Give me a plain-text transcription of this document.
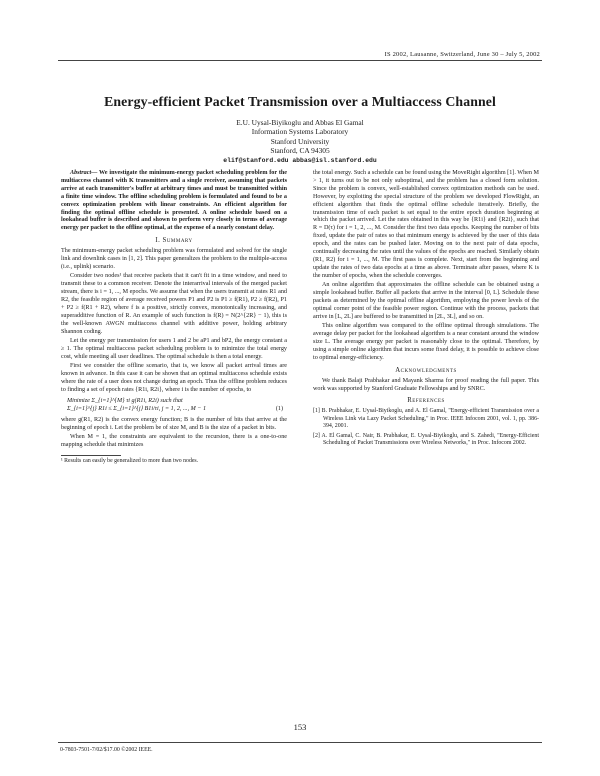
IS 2002, Lausanne, Switzerland, June 30 – July 5, 2002
Energy-efficient Packet Transmission over a Multiaccess Channel
E.U. Uysal-Biyikoglu and Abbas El Gamal
Information Systems Laboratory
Stanford University
Stanford, CA 94305
elif@stanford.edu abbas@isl.stanford.edu

Abstract— We investigate the minimum-energy packet scheduling problem for the multiaccess channel with K transmitters and a single receiver, assuming that packets arrive at each transmitter's buffer at arbitrary times and must be transmitted within a finite time window. The offline scheduling problem is formulated and found to be a convex optimization problem with linear constraints. An efficient algorithm for finding the optimal offline schedule is presented. A online schedule based on a lookahead buffer is described and shown to perform very closely in terms of average energy per packet to the offline optimal, at the expense of a nearly constant delay.

I. Summary

The minimum-energy packet scheduling problem was formulated and solved for the single link and downlink cases in [1, 2]. This paper generalizes the problem to the multiple-access (i.e., uplink) scenario.

Consider two nodes¹ that receive packets that it can't fit in a time window, and need to transmit these to a common receiver. Denote the interarrival intervals of the merged packet stream, there is i = 1, ..., M epochs. We assume that when the users transmit at rates R1 and R2, the feasible region of average received powers P1 and P2 is P1 ≥ f(R1), P2 ≥ f(R2), P1 + P2 ≥ f(R1 + R2), where f is a positive, strictly convex, monotonically increasing, and superadditive function of R. An example of such function is f(R) = N(2^{2R} − 1), this is the well-known AWGN multiaccess channel with additive power, holding arbitrary Shannon coding.

Let the energy per transmission for users 1 and 2 be aP1 and bP2, the energy constant a ≥ 1. The optimal multiaccess packet scheduling problem is to minimize the total energy cost, while meeting all user deadlines. The optimal schedule is then a total energy.

First we consider the offline scenario, that is, we know all packet arrival times are known in advance. In this case it can be shown that an optimal multiaccess schedule exists where the rate of a user does not change during an epoch. Thus the offline problem reduces to finding a set of epoch rates {R1i, R2i}, where i is the number of epochs, to

Minimize Σ_{i=1}^{M} τi g(R1i, R2i) such that
Σ_{i=1}^{j} R1i ≤ Σ_{i=1}^{j} B1i/τi, j = 1, 2, ..., M − 1	(1)

where g(R1, R2) is the convex energy function; B is the number of bits that arrive at the beginning of epoch i. Let the problem be of size M, and B is the size of a packet in bits.

When M = 1, the constraints are equivalent to the recursion, there is a one-to-one mapping schedule that minimizes

¹ Results can easily be generalized to more than two nodes.

the total energy. Such a schedule can be found using the MoveRight algorithm [1]. When M > 1, it turns out to be not only suboptimal, and the problem has a closed form solution. Since the problem is convex, well-established convex optimization methods can be used. However, by exploiting the special structure of the problem we developed FlowRight, an efficient algorithm that finds the optimal offline schedule iteratively. Briefly, the transmission time of each packet is set equal to the entire epoch duration beginning at which the packet arrived. Let the rates obtained in this way be {R1i} and {R2i}, such that R = D(τ) for i = 1, 2, ..., M. Consider the first two data epochs. Keeping the number of bits fixed, update the pair of rates so that minimum energy is achieved by the user of this data epoch, and the rates can be pushed later. Moving on to the next pair of data epochs, continually decreasing the rates until the values of the epochs are reached. Similarly obtain (R1, R2) for i = 1, ..., M. The first pass is complete. Next, start from the beginning and update the rates of two data epochs at a time as above. Terminate after passes, where K is the number of epochs, when the schedule converges.

An online algorithm that approximates the offline schedule can be obtained using a simple lookahead buffer. Buffer all packets that arrive in the interval [0, L]. Schedule these packets as determined by the optimal offline algorithm, employing the power levels of the optimal corner point of the feasible power region. Continue with the process, packets that arrive in [L, 2L] are buffered to be transmitted in [2L, 3L], and so on.

This online algorithm was compared to the offline optimal through simulations. The average delay per packet for the lookahead algorithm is a near constant around the window size L. The average energy per packet is reasonably close to the optimal. Therefore, by using a simple online algorithm that incurs some fixed delay, it is possible to achieve close to optimal energy-efficiency.

Acknowledgments

We thank Balaji Prabhakar and Mayank Sharma for proof reading the full paper. This work was supported by Stanford Graduate Fellowships and by SNRC.

References

[1] B. Prabhakar, E. Uysal-Biyikoglu, and A. El Gamal, "Energy-efficient Transmission over a Wireless Link via Lazy Packet Scheduling," in Proc. IEEE Infocom 2001, vol. 1, pp. 386-394, 2001.

[2] A. El Gamal, C. Nair, B. Prabhakar, E. Uysal-Biyikoglu, and S. Zahedi, "Energy-Efficient Scheduling of Packet Transmissions over Wireless Networks," in Proc. Infocom 2002.

153
0-7803-7501-7/02/$17.00 ©2002 IEEE.
